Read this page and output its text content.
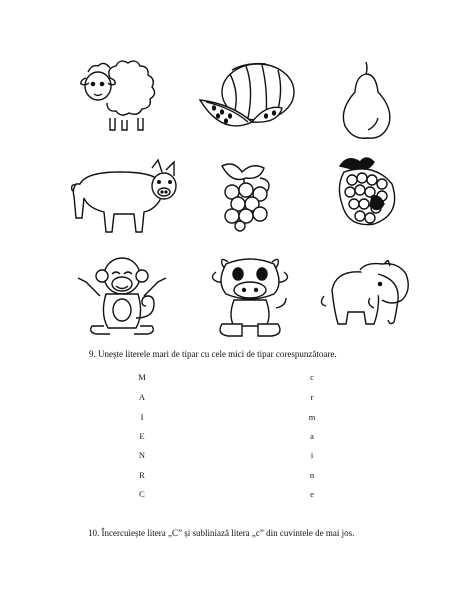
9. Unește literele mari de tipar cu cele mici de tipar corespunzătoare.
M
A
I
E
N
R
C
c
r
m
a
i
n
e
10. Încercuiește litera „C” și subliniază litera „c” din cuvintele de mai jos.
